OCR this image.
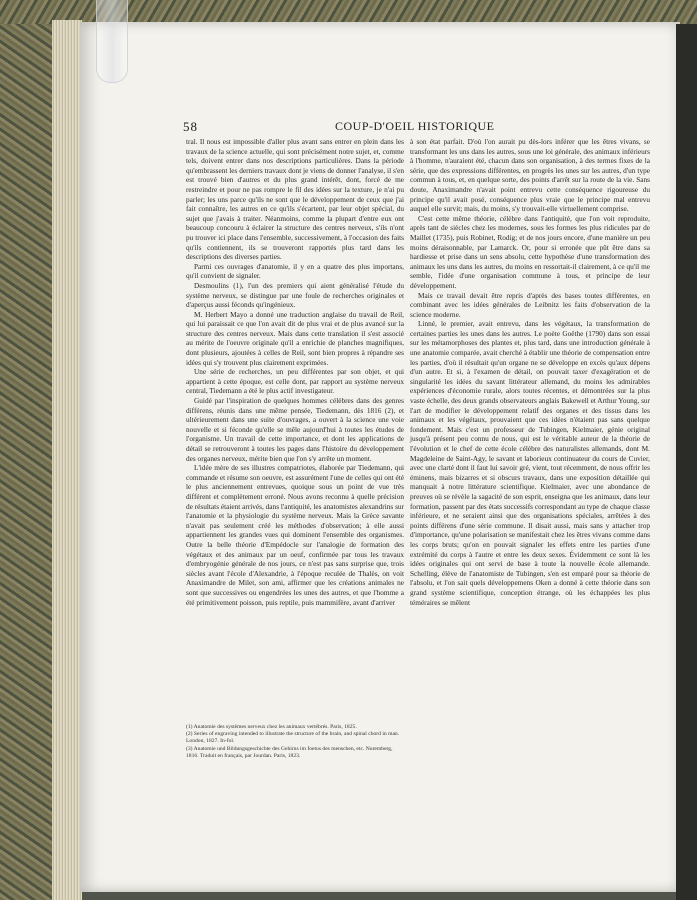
58	COUP-D'OEIL HISTORIQUE

tral. Il nous est impossible d'aller plus avant sans entrer en plein dans les travaux de la science actuelle, qui sont précisément notre sujet, et, comme tels, doivent entrer dans nos descriptions particulières. Dans la période qu'embrassent les derniers travaux dont je viens de donner l'analyse, il s'en est trouvé bien d'autres et du plus grand intérêt, dont, forcé de me restreindre et pour ne pas rompre le fil des idées sur la texture, je n'ai pu parler; les uns parce qu'ils ne sont que le développement de ceux que j'ai fait connaître, les autres en ce qu'ils s'écartent, par leur objet spécial, du sujet que j'avais à traiter. Néanmoins, comme la plupart d'entre eux ont beaucoup concouru à éclairer la structure des centres nerveux, s'ils n'ont pu trouver ici place dans l'ensemble, successivement, à l'occasion des faits qu'ils contiennent, ils se trouveront rapportés plus tard dans les descriptions des diverses parties.

Parmi ces ouvrages d'anatomie, il y en a quatre des plus importans, qu'il convient de signaler.

Desmoulins (1), l'un des premiers qui aient généralisé l'étude du système nerveux, se distingue par une foule de recherches originales et d'aperçus aussi féconds qu'ingénieux.

M. Herbert Mayo a donné une traduction anglaise du travail de Reil, qui lui paraissait ce que l'on avait dit de plus vrai et de plus avancé sur la structure des centres nerveux. Mais dans cette translation il s'est associé au mérite de l'oeuvre originale qu'il a enrichie de planches magnifiques, dont plusieurs, ajoutées à celles de Reil, sont bien propres à répandre ses idées qui s'y trouvent plus clairement exprimées.

Une série de recherches, un peu différentes par son objet, et qui appartient à cette époque, est celle dont, par rapport au système nerveux central, Tiedemann a été le plus actif investigateur.

Guidé par l'inspiration de quelques hommes célèbres dans des genres différens, réunis dans une même pensée, Tiedemann, dès 1816 (2), et ultérieurement dans une suite d'ouvrages, a ouvert à la science une voie nouvelle et si féconde qu'elle se mêle aujourd'hui à toutes les études de l'organisme. Un travail de cette importance, et dont les applications de détail se retrouveront à toutes les pages dans l'histoire du développement des organes nerveux, mérite bien que l'on s'y arrête un moment.

L'idée mère de ses illustres compatriotes, élaborée par Tiedemann, qui commande et résume son oeuvre, est assurément l'une de celles qui ont été le plus anciennement entrevues, quoique sous un point de vue très différent et complètement erroné. Nous avons reconnu à quelle précision de résultats étaient arrivés, dans l'antiquité, les anatomistes alexandrins sur l'anatomie et la physiologie du système nerveux. Mais la Grèce savante n'avait pas seulement créé les méthodes d'observation; à elle aussi appartiennent les grandes vues qui dominent l'ensemble des organismes. Outre la belle théorie d'Empédocle sur l'analogie de formation des végétaux et des animaux par un oeuf, confirmée par tous les travaux d'embryogénie générale de nos jours, ce n'est pas sans surprise que, trois siècles avant l'école d'Alexandrie, à l'époque reculée de Thalès, on voit Anaximandre de Milet, son ami, affirmer que les créations animales ne sont que successives ou engendrées les unes des autres, et que l'homme a été primitivement poisson, puis reptile, puis mammifère, avant d'arriver

(1) Anatomie des systèmes nerveux chez les animaux vertébrés. Paris, 1825.

(2) Series of engraving intended to illustrate the structure of the brain, and spinal chord in man. London, 1827. In-fol.

(3) Anatomie und Bildungsgeschichte des Gehirns im foetus des menschen, etc. Nuremberg, 1816. Traduit en français, par Jourdan. Paris, 1823.

à son état parfait. D'où l'on aurait pu dès-lors inférer que les êtres vivans, se transformant les uns dans les autres, sous une loi générale, des animaux inférieurs à l'homme, n'auraient été, chacun dans son organisation, à des termes fixes de la série, que des expressions différentes, en progrès les unes sur les autres, d'un type commun à tous, et, en quelque sorte, des points d'arrêt sur la route de la vie. Sans doute, Anaximandre n'avait point entrevu cette conséquence rigoureuse du principe qu'il avait posé, conséquence plus vraie que le principe mal entrevu auquel elle survit; mais, du moins, s'y trouvait-elle virtuellement comprise.

C'est cette même théorie, célèbre dans l'antiquité, que l'on voit reproduite, après tant de siècles chez les modernes, sous les formes les plus ridicules par de Maillet (1735), puis Robinet, Rodig; et de nos jours encore, d'une manière un peu moins déraisonnable, par Lamarck. Or, pour si erronée que pût être dans sa hardiesse et prise dans un sens absolu, cette hypothèse d'une transformation des animaux les uns dans les autres, du moins en ressortait-il clairement, à ce qu'il me semble, l'idée d'une organisation commune à tous, et principe de leur développement.

Mais ce travail devait être repris d'après des bases toutes différentes, en combinant avec les idées générales de Leibnitz les faits d'observation de la science moderne.

Linné, le premier, avait entrevu, dans les végétaux, la transformation de certaines parties les unes dans les autres. Le poète Goëthe (1790) dans son essai sur les métamorphoses des plantes et, plus tard, dans une introduction générale à une anatomie comparée, avait cherché à établir une théorie de compensation entre les parties, d'où il résultait qu'un organe ne se développe en excès qu'aux dépens d'un autre. Et si, à l'examen de détail, on pouvait taxer d'exagération et de singularité les idées du savant littérateur allemand, du moins les admirables expériences d'économie rurale, alors toutes récentes, et démontrées sur la plus vaste échelle, des deux grands observateurs anglais Bakewell et Arthur Young, sur l'art de modifier le développement relatif des organes et des tissus dans les animaux et les végétaux, prouvaient que ces idées n'étaient pas sans quelque fondement. Mais c'est un professeur de Tubingen, Kielmaier, génie original jusqu'à présent peu connu de nous, qui est le véritable auteur de la théorie de l'évolution et le chef de cette école célèbre des naturalistes allemands, dont M. Magdeleine de Saint-Agy, le savant et laborieux continuateur du cours de Cuvier, avec une clarté dont il faut lui savoir gré, vient, tout récemment, de nous offrir les éminens, mais bizarres et si obscurs travaux, dans une exposition détaillée qui manquait à notre littérature scientifique. Kielmaier, avec une abondance de preuves où se révèle la sagacité de son esprit, enseigna que les animaux, dans leur formation, passent par des états successifs correspondant au type de chaque classe inférieure, et ne seraient ainsi que des organisations spéciales, arrêtées à des points différens d'une série commune. Il disait aussi, mais sans y attacher trop d'importance, qu'une polarisation se manifestait chez les êtres vivans comme dans les corps bruts; qu'on en pouvait signaler les effets entre les parties d'une extrémité du corps à l'autre et entre les deux sexes. Évidemment ce sont là les idées originales qui ont servi de base à toute la nouvelle école allemande. Schelling, élève de l'anatomiste de Tubingen, s'en est emparé pour sa théorie de l'absolu, et l'on sait quels développemens Oken a donné à cette théorie dans son grand système scientifique, conception étrange, où les échappées les plus téméraires se mêlent
